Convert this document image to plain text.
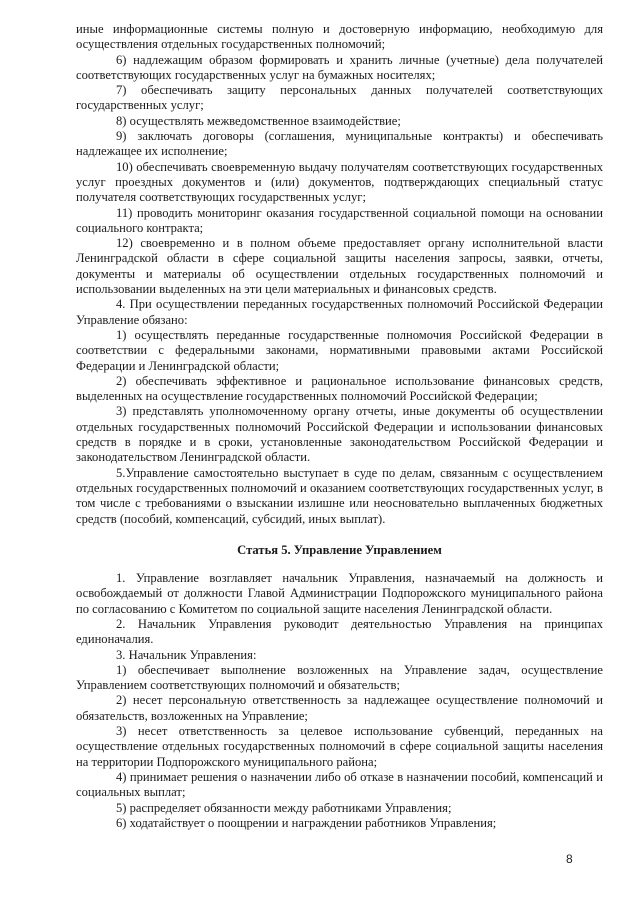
иные информационные системы полную и достоверную информацию, необходимую для осуществления отдельных государственных полномочий;

6) надлежащим образом формировать и хранить личные (учетные) дела получателей соответствующих государственных услуг на бумажных носителях;

7) обеспечивать защиту персональных данных получателей соответствующих государственных услуг;

8) осуществлять межведомственное взаимодействие;

9) заключать договоры (соглашения, муниципальные контракты) и обеспечивать надлежащее их исполнение;

10) обеспечивать своевременную выдачу получателям соответствующих государственных услуг проездных документов и (или) документов, подтверждающих специальный статус получателя соответствующих государственных услуг;

11) проводить мониторинг оказания государственной социальной помощи на основании социального контракта;

12) своевременно и в полном объеме предоставляет органу исполнительной власти Ленинградской области в сфере социальной защиты населения запросы, заявки, отчеты, документы и материалы об осуществлении отдельных государственных полномочий и использовании выделенных на эти цели материальных и финансовых средств.

4. При осуществлении переданных государственных полномочий Российской Федерации Управление обязано:

1) осуществлять переданные государственные полномочия Российской Федерации в соответствии с федеральными законами, нормативными правовыми актами Российской Федерации и Ленинградской области;

2) обеспечивать эффективное и рациональное использование финансовых средств, выделенных на осуществление государственных полномочий Российской Федерации;

3) представлять уполномоченному органу отчеты, иные документы об осуществлении отдельных государственных полномочий Российской Федерации и использовании финансовых средств в порядке и в сроки, установленные законодательством Российской Федерации и законодательством Ленинградской области.

5.Управление самостоятельно выступает в суде по делам, связанным с осуществлением отдельных государственных полномочий и оказанием соответствующих государственных услуг, в том числе с требованиями о взыскании излишне или неосновательно выплаченных бюджетных средств (пособий, компенсаций, субсидий, иных выплат).

Статья 5. Управление Управлением

1. Управление возглавляет начальник Управления, назначаемый на должность и освобождаемый от должности Главой Администрации Подпорожского муниципального района по согласованию с Комитетом по социальной защите населения Ленинградской области.

2. Начальник Управления руководит деятельностью Управления на принципах единоначалия.

3. Начальник Управления:

1) обеспечивает выполнение возложенных на Управление задач, осуществление Управлением соответствующих полномочий и обязательств;

2) несет персональную ответственность за надлежащее осуществление полномочий и обязательств, возложенных на Управление;

3) несет ответственность за целевое использование субвенций, переданных на осуществление отдельных государственных полномочий в сфере социальной защиты населения на территории Подпорожского муниципального района;

4) принимает решения о назначении либо об отказе в назначении пособий, компенсаций и социальных выплат;

5) распределяет обязанности между работниками Управления;

6) ходатайствует о поощрении и награждении работников Управления;

8
